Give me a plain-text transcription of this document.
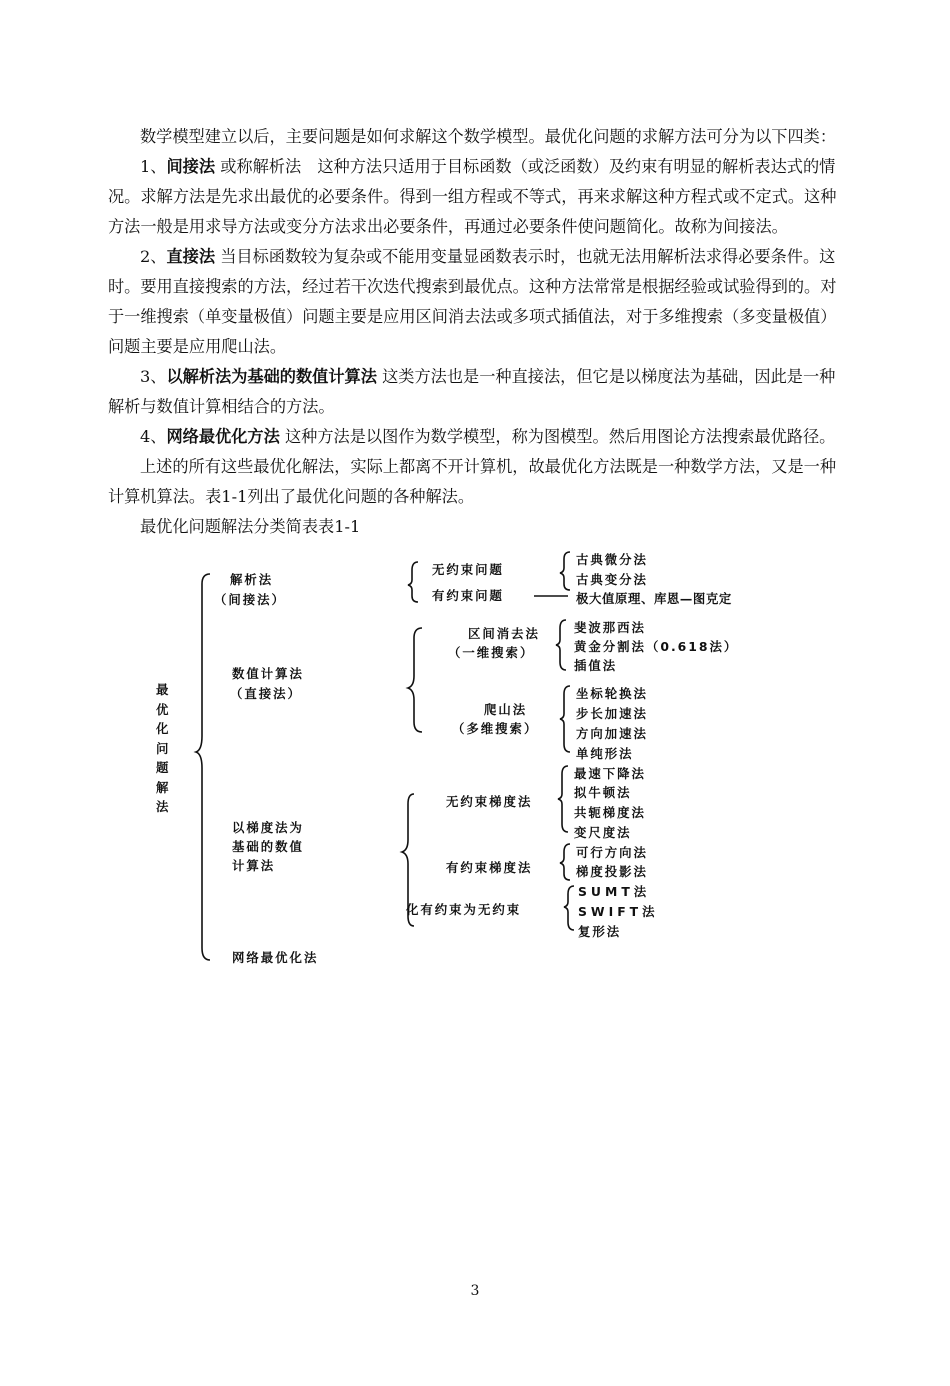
数学模型建立以后，主要问题是如何求解这个数学模型。最优化问题的求解方法可分为以下四类：

1、间接法 或称解析法　这种方法只适用于目标函数（或泛函数）及约束有明显的解析表达式的情况。求解方法是先求出最优的必要条件。得到一组方程或不等式，再来求解这种方程式或不定式。这种方法一般是用求导方法或变分方法求出必要条件，再通过必要条件使问题简化。故称为间接法。

2、直接法 当目标函数较为复杂或不能用变量显函数表示时，也就无法用解析法求得必要条件。这时。要用直接搜索的方法，经过若干次迭代搜索到最优点。这种方法常常是根据经验或试验得到的。对于一维搜索（单变量极值）问题主要是应用区间消去法或多项式插值法，对于多维搜索（多变量极值）问题主要是应用爬山法。

3、以解析法为基础的数值计算法 这类方法也是一种直接法，但它是以梯度法为基础，因此是一种解析与数值计算相结合的方法。

4、网络最优化方法 这种方法是以图作为数学模型，称为图模型。然后用图论方法搜索最优路径。

上述的所有这些最优化解法，实际上都离不开计算机，故最优化方法既是一种数学方法，又是一种计算机算法。表1-1列出了最优化问题的各种解法。

最优化问题解法分类简表表1-1

最优化问题解法
解析法
（间接法）
无约束问题
有约束问题
古典微分法
古典变分法
极大值原理、库恩—图克定
数值计算法
（直接法）
区间消去法
（一维搜索）
斐波那西法
黄金分割法（0.618法）
插值法
爬山法
（多维搜索）
坐标轮换法
步长加速法
方向加速法
单纯形法
以梯度法为
基础的数值
计算法
无约束梯度法
最速下降法
拟牛顿法
共轭梯度法
变尺度法
有约束梯度法
可行方向法
梯度投影法
化有约束为无约束
SUMT法
SWIFT法
复形法
网络最优化法
3
